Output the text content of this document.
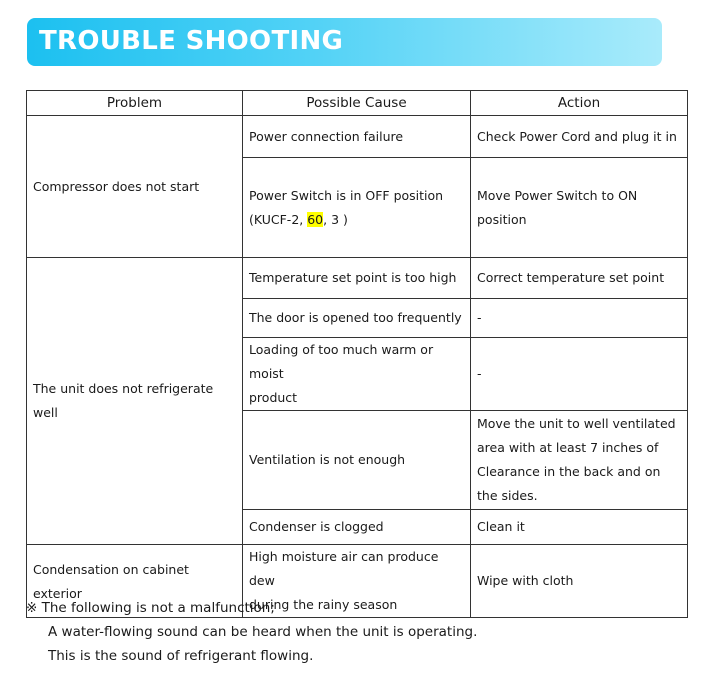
TROUBLE SHOOTING
Problem	Possible Cause	Action
Compressor does not start	Power connection failure	Check Power Cord and plug it in

	Power Switch is in OFF position
(KUCF-2, 60, 3 )	Move Power Switch to ON position

The unit does not refrigerate well	Temperature set point is too high	Correct temperature set point
	The door is opened too frequently	-

	Loading of too much warm or moist
product	-
	Ventilation is not enough	Move the unit to well ventilated
area with at least 7 inches of
Clearance in the back and on
the sides.

	Condenser is clogged	Clean it

Condensation on cabinet exterior	High moisture air can produce dew
during the rainy season	Wipe with cloth
※ The following is not a malfunction;
A water-flowing sound can be heard when the unit is operating.
This is the sound of refrigerant flowing.
